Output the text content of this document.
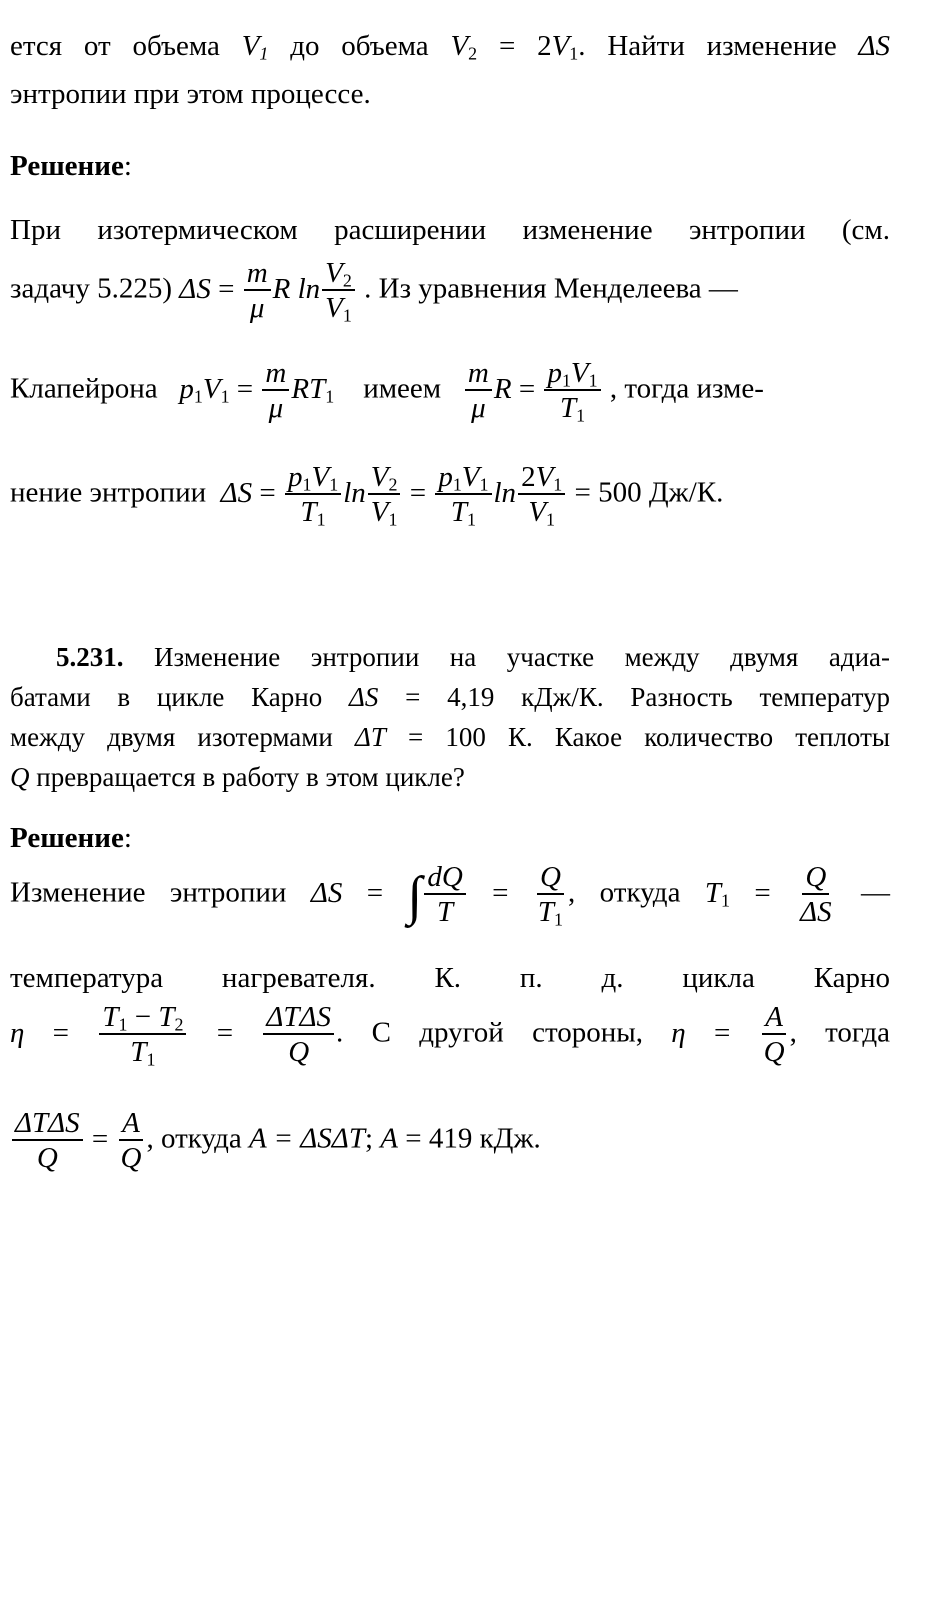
ется от объема $V_1$ до объема $V_2 = 2V_1$. Найти изменение ΔS
энтропии при этом процессе.
Решение:
При изотермическом расширении изменение энтропии (см.
задачу 5.225) $\Delta S = \frac{m}{\mu}$ R $\ln \frac{V_2}{V_1}$ . Из уравнения Менделеева —
Клапейрона $p_1V_1 = \frac{m}{\mu} RT_1$ имеем $\frac{m}{\mu}$ $R = \frac{p_1V_1}{T_1}$ , тогда изме-
нение энтропии $\Delta S = \frac{p_1V_1}{T_1}$ $\ln \frac{V_2}{V_1} = \frac{p_1V_1}{T_1}$ $\ln \frac{2V_1}{V_1} = 500$ Дж/К.
5.231. Изменение энтропии на участке между двумя адиа-
батами в цикле Карно ΔS = 4,19 кДж/К. Разность температур
между двумя изотермами ΔT = 100 К. Какое количество теплоты
Q превращается в работу в этом цикле?
Решение:
Изменение энтропии ΔS = ∫ $\frac{dQ}{T} = \frac{Q}{T_1}$ , откуда $T_1 = \frac{Q}{\Delta S}$ —
температура нагревателя. К. п. д. цикла Карно
$\eta = \frac{T_1 - T_2}{T_1} = \frac{\text{ΔTΔS}}{Q}$ . С другой стороны, $\eta = \frac{A}{Q}$ , тогда
$\frac{\text{ΔTΔS}}{Q} = \frac{A}{Q}$ , откуда A = ΔSΔT; A = 419 кДж.
